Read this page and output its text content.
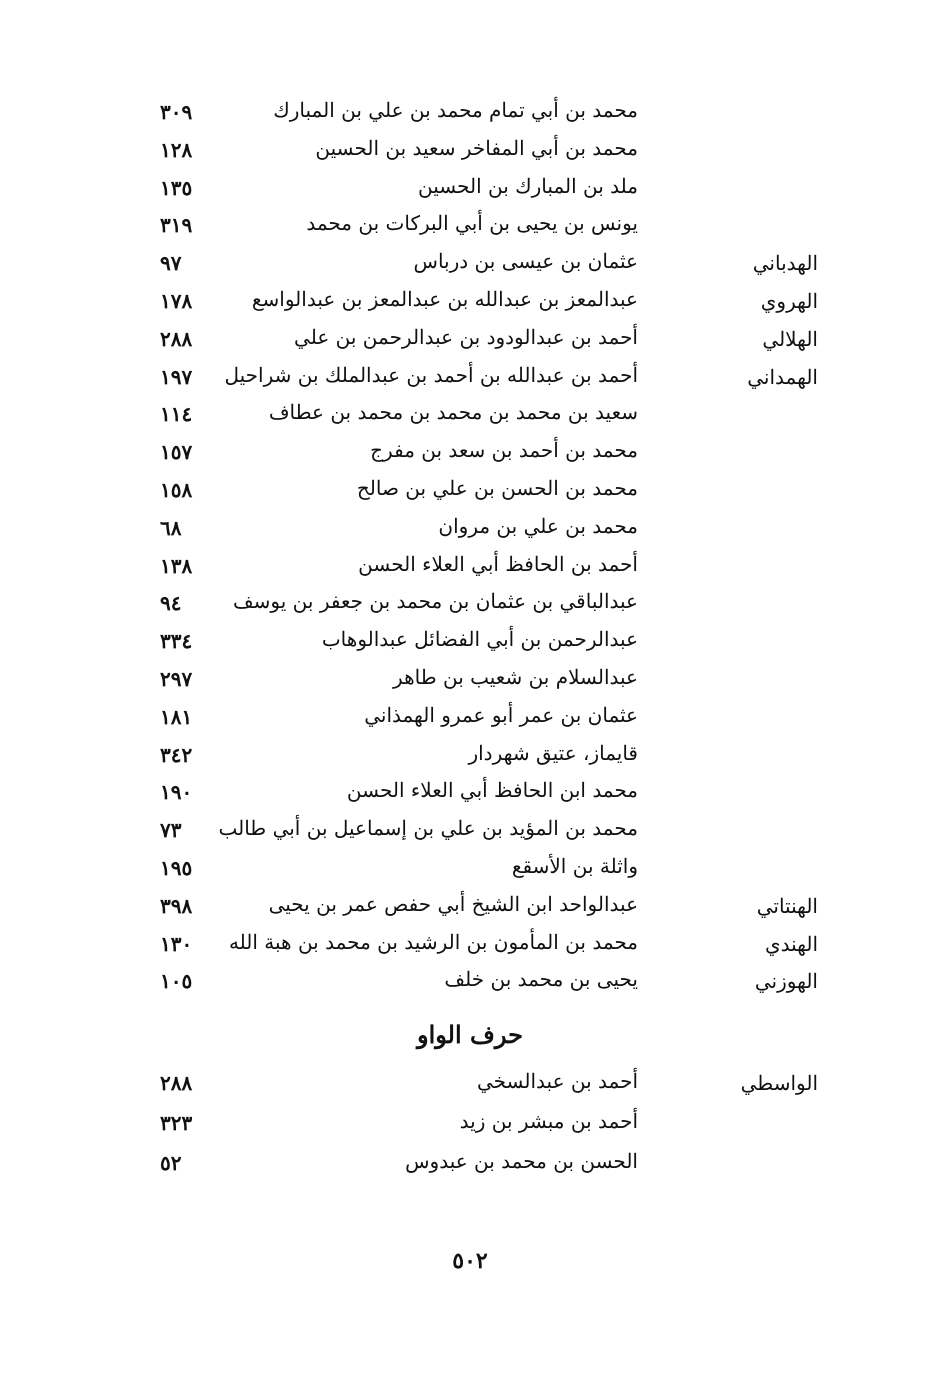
محمد بن أبي تمام محمد بن علي بن المبارك
٣٠٩
محمد بن أبي المفاخر سعيد بن الحسين
١٢٨
ملد بن المبارك بن الحسين
١٣٥
يونس بن يحيى بن أبي البركات بن محمد
٣١٩
الهدباني
عثمان بن عيسى بن درباس
٩٧
الهروي
عبدالمعز بن عبدالله بن عبدالمعز بن عبدالواسع
١٧٨
الهلالي
أحمد بن عبدالودود بن عبدالرحمن بن علي
٢٨٨
الهمداني
أحمد بن عبدالله بن أحمد بن عبدالملك بن شراحيل
١٩٧
سعيد بن محمد بن محمد بن محمد بن عطاف
١١٤
محمد بن أحمد بن سعد بن مفرج
١٥٧
محمد بن الحسن بن علي بن صالح
١٥٨
محمد بن علي بن مروان
٦٨
أحمد بن الحافظ أبي العلاء الحسن
١٣٨
عبدالباقي بن عثمان بن محمد بن جعفر بن يوسف
٩٤
عبدالرحمن بن أبي الفضائل عبدالوهاب
٣٣٤
عبدالسلام بن شعيب بن طاهر
٢٩٧
عثمان بن عمر أبو عمرو الهمذاني
١٨١
قايماز، عتيق شهردار
٣٤٢
محمد ابن الحافظ أبي العلاء الحسن
١٩٠
محمد بن المؤيد بن علي بن إسماعيل بن أبي طالب
٧٣
واثلة بن الأسقع
١٩٥
الهنتاتي
عبدالواحد ابن الشيخ أبي حفص عمر بن يحيى
٣٩٨
الهندي
محمد بن المأمون بن الرشيد بن محمد بن هبة الله
١٣٠
الهوزني
يحيى بن محمد بن خلف
١٠٥
حرف الواو
الواسطي
أحمد بن عبدالسخي
٢٨٨
أحمد بن مبشر بن زيد
٣٢٣
الحسن بن محمد بن عبدوس
٥٢
٥٠٢
